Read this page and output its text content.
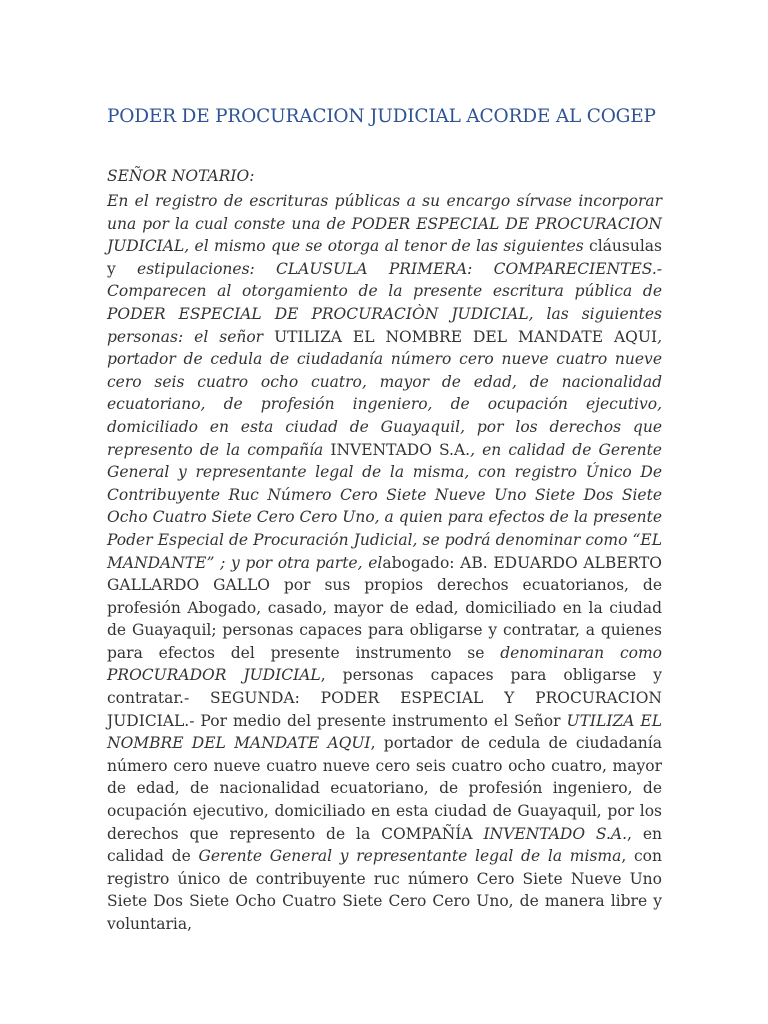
PODER DE PROCURACION JUDICIAL ACORDE AL COGEP

SEÑOR NOTARIO:

En el registro de escrituras públicas a su encargo sírvase incorporar una por la cual conste una de PODER ESPECIAL DE PROCURACION JUDICIAL, el mismo que se otorga al tenor de las siguientes cláusulas y estipulaciones: CLAUSULA PRIMERA: COMPARECIENTES.- Comparecen al otorgamiento de la presente escritura pública de PODER ESPECIAL DE PROCURACIÒN JUDICIAL, las siguientes personas: el señor UTILIZA EL NOMBRE DEL MANDATE AQUI, portador de cedula de ciudadanía número cero nueve cuatro nueve cero seis cuatro ocho cuatro, mayor de edad, de nacionalidad ecuatoriano, de profesión ingeniero, de ocupación ejecutivo, domiciliado en esta ciudad de Guayaquil, por los derechos que represento de la compañía INVENTADO S.A., en calidad de Gerente General y representante legal de la misma, con registro Único De Contribuyente Ruc Número Cero Siete Nueve Uno Siete Dos Siete Ocho Cuatro Siete Cero Cero Uno, a quien para efectos de la presente Poder Especial de Procuración Judicial, se podrá denominar como “EL MANDANTE” ; y por otra parte, elabogado: AB. EDUARDO ALBERTO GALLARDO GALLO por sus propios derechos ecuatorianos, de profesión Abogado, casado, mayor de edad, domiciliado en la ciudad de Guayaquil; personas capaces para obligarse y contratar, a quienes para efectos del presente instrumento se denominaran como PROCURADOR JUDICIAL, personas capaces para obligarse y contratar.- SEGUNDA: PODER ESPECIAL Y PROCURACION JUDICIAL.- Por medio del presente instrumento el Señor UTILIZA EL NOMBRE DEL MANDATE AQUI, portador de cedula de ciudadanía número cero nueve cuatro nueve cero seis cuatro ocho cuatro, mayor de edad, de nacionalidad ecuatoriano, de profesión ingeniero, de ocupación ejecutivo, domiciliado en esta ciudad de Guayaquil, por los derechos que represento de la COMPAÑÍA INVENTADO S.A., en calidad de Gerente General y representante legal de la misma, con registro único de contribuyente ruc número Cero Siete Nueve Uno Siete Dos Siete Ocho Cuatro Siete Cero Cero Uno, de manera libre y voluntaria,
